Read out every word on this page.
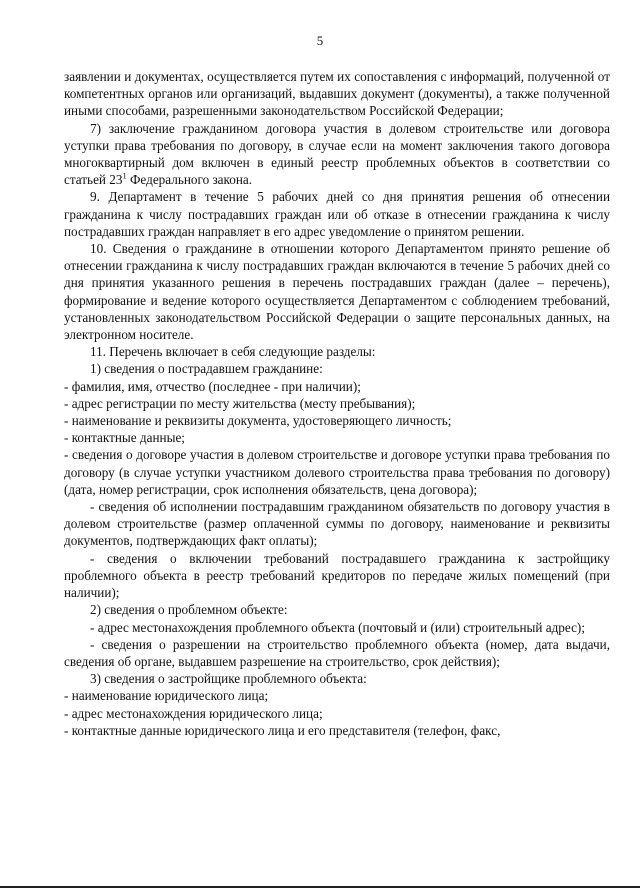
5

заявлении и документах, осуществляется путем их сопоставления с информаций, полученной от компетентных органов или организаций, выдавших документ (документы), а также полученной иными способами, разрешенными законодательством Российской Федерации;

7) заключение гражданином договора участия в долевом строительстве или договора уступки права требования по договору, в случае если на момент заключения такого договора многоквартирный дом включен в единый реестр проблемных объектов в соответствии со статьей $23^1$ Федерального закона.

9. Департамент в течение 5 рабочих дней со дня принятия решения об отнесении гражданина к числу пострадавших граждан или об отказе в отнесении гражданина к числу пострадавших граждан направляет в его адрес уведомление о принятом решении.

10. Сведения о гражданине в отношении которого Департаментом принято решение об отнесении гражданина к числу пострадавших граждан включаются в течение 5 рабочих дней со дня принятия указанного решения в перечень пострадавших граждан (далее – перечень), формирование и ведение которого осуществляется Департаментом с соблюдением требований, установленных законодательством Российской Федерации о защите персональных данных, на электронном носителе.

11. Перечень включает в себя следующие разделы:

1) сведения о пострадавшем гражданине:

- фамилия, имя, отчество (последнее - при наличии);

- адрес регистрации по месту жительства (месту пребывания);

- наименование и реквизиты документа, удостоверяющего личность;

- контактные данные;

- сведения о договоре участия в долевом строительстве и договоре уступки права требования по договору (в случае уступки участником долевого строительства права требования по договору) (дата, номер регистрации, срок исполнения обязательств, цена договора);

- сведения об исполнении пострадавшим гражданином обязательств по договору участия в долевом строительстве (размер оплаченной суммы по договору, наименование и реквизиты документов, подтверждающих факт оплаты);

- сведения о включении требований пострадавшего гражданина к застройщику проблемного объекта в реестр требований кредиторов по передаче жилых помещений (при наличии);

2) сведения о проблемном объекте:

- адрес местонахождения проблемного объекта (почтовый и (или) строительный адрес);

- сведения о разрешении на строительство проблемного объекта (номер, дата выдачи, сведения об органе, выдавшем разрешение на строительство, срок действия);

3) сведения о застройщике проблемного объекта:

- наименование юридического лица;

- адрес местонахождения юридического лица;

- контактные данные юридического лица и его представителя (телефон, факс,
